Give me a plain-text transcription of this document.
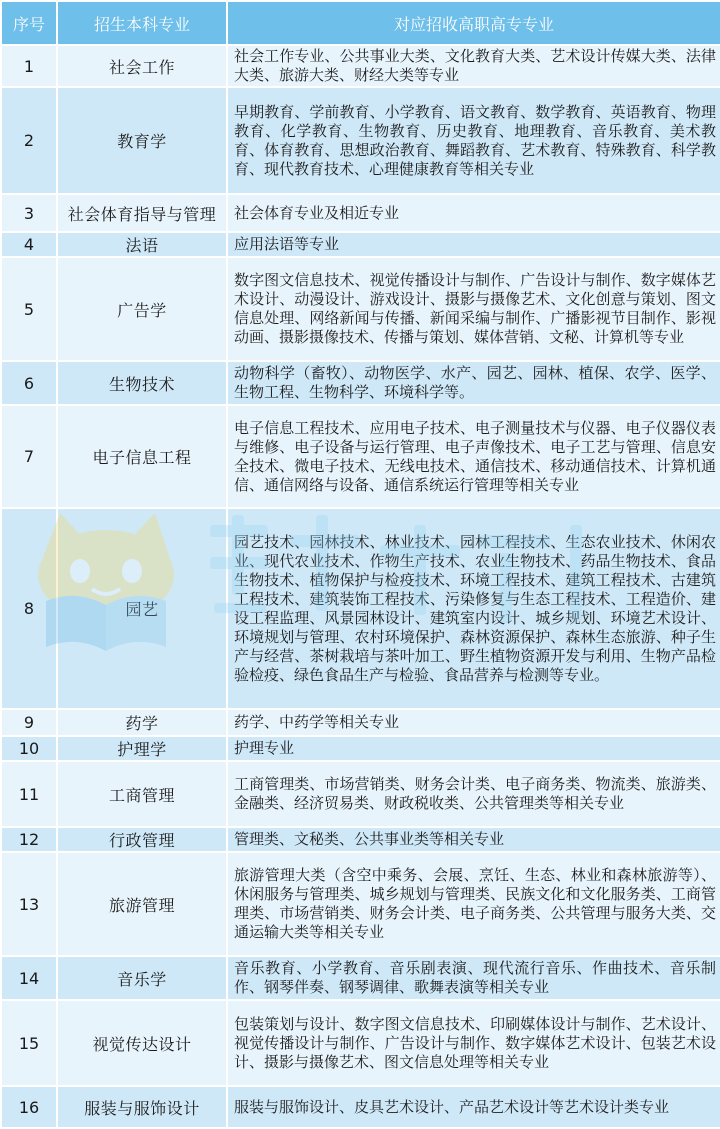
序号	招生本科专业	对应招收高职高专专业
1	社会工作	社会工作专业、公共事业大类、文化教育大类、艺术设计传媒大类、法律大类、旅游大类、财经大类等专业
2	教育学	早期教育、学前教育、小学教育、语文教育、数学教育、英语教育、物理教育、化学教育、生物教育、历史教育、地理教育、音乐教育、美术教育、体育教育、思想政治教育、舞蹈教育、艺术教育、特殊教育、科学教育、现代教育技术、心理健康教育等相关专业
3	社会体育指导与管理	社会体育专业及相近专业
4	法语	应用法语等专业
5	广告学	数字图文信息技术、视觉传播设计与制作、广告设计与制作、数字媒体艺术设计、动漫设计、游戏设计、摄影与摄像艺术、文化创意与策划、图文信息处理、网络新闻与传播、新闻采编与制作、广播影视节目制作、影视动画、摄影摄像技术、传播与策划、媒体营销、文秘、计算机等专业
6	生物技术	动物科学（畜牧）、动物医学、水产、园艺、园林、植保、农学、医学、生物工程、生物科学、环境科学等。
7	电子信息工程	电子信息工程技术、应用电子技术、电子测量技术与仪器、电子仪器仪表与维修、电子设备与运行管理、电子声像技术、电子工艺与管理、信息安全技术、微电子技术、无线电技术、通信技术、移动通信技术、计算机通信、通信网络与设备、通信系统运行管理等相关专业
8	园艺	园艺技术、园林技术、林业技术、园林工程技术、生态农业技术、休闲农业、现代农业技术、作物生产技术、农业生物技术、药品生物技术、食品生物技术、植物保护与检疫技术、环境工程技术、建筑工程技术、古建筑工程技术、建筑装饰工程技术、污染修复与生态工程技术、工程造价、建设工程监理、风景园林设计、建筑室内设计、城乡规划、环境艺术设计、环境规划与管理、农村环境保护、森林资源保护、森林生态旅游、种子生产与经营、茶树栽培与茶叶加工、野生植物资源开发与利用、生物产品检验检疫、绿色食品生产与检验、食品营养与检测等专业。
9	药学	药学、中药学等相关专业
10	护理学	护理专业
11	工商管理	工商管理类、市场营销类、财务会计类、电子商务类、物流类、旅游类、金融类、经济贸易类、财政税收类、公共管理类等相关专业
12	行政管理	管理类、文秘类、公共事业类等相关专业
13	旅游管理	旅游管理大类（含空中乘务、会展、烹饪、生态、林业和森林旅游等）、休闲服务与管理类、城乡规划与管理类、民族文化和文化服务类、工商管理类、市场营销类、财务会计类、电子商务类、公共管理与服务大类、交通运输大类等相关专业
14	音乐学	音乐教育、小学教育、音乐剧表演、现代流行音乐、作曲技术、音乐制作、钢琴伴奏、钢琴调律、歌舞表演等相关专业
15	视觉传达设计	包装策划与设计、数字图文信息技术、印刷媒体设计与制作、艺术设计、视觉传播设计与制作、广告设计与制作、数字媒体艺术设计、包装艺术设计、摄影与摄像艺术、图文信息处理等相关专业
16	服装与服饰设计	服装与服饰设计、皮具艺术设计、产品艺术设计等艺术设计类专业
